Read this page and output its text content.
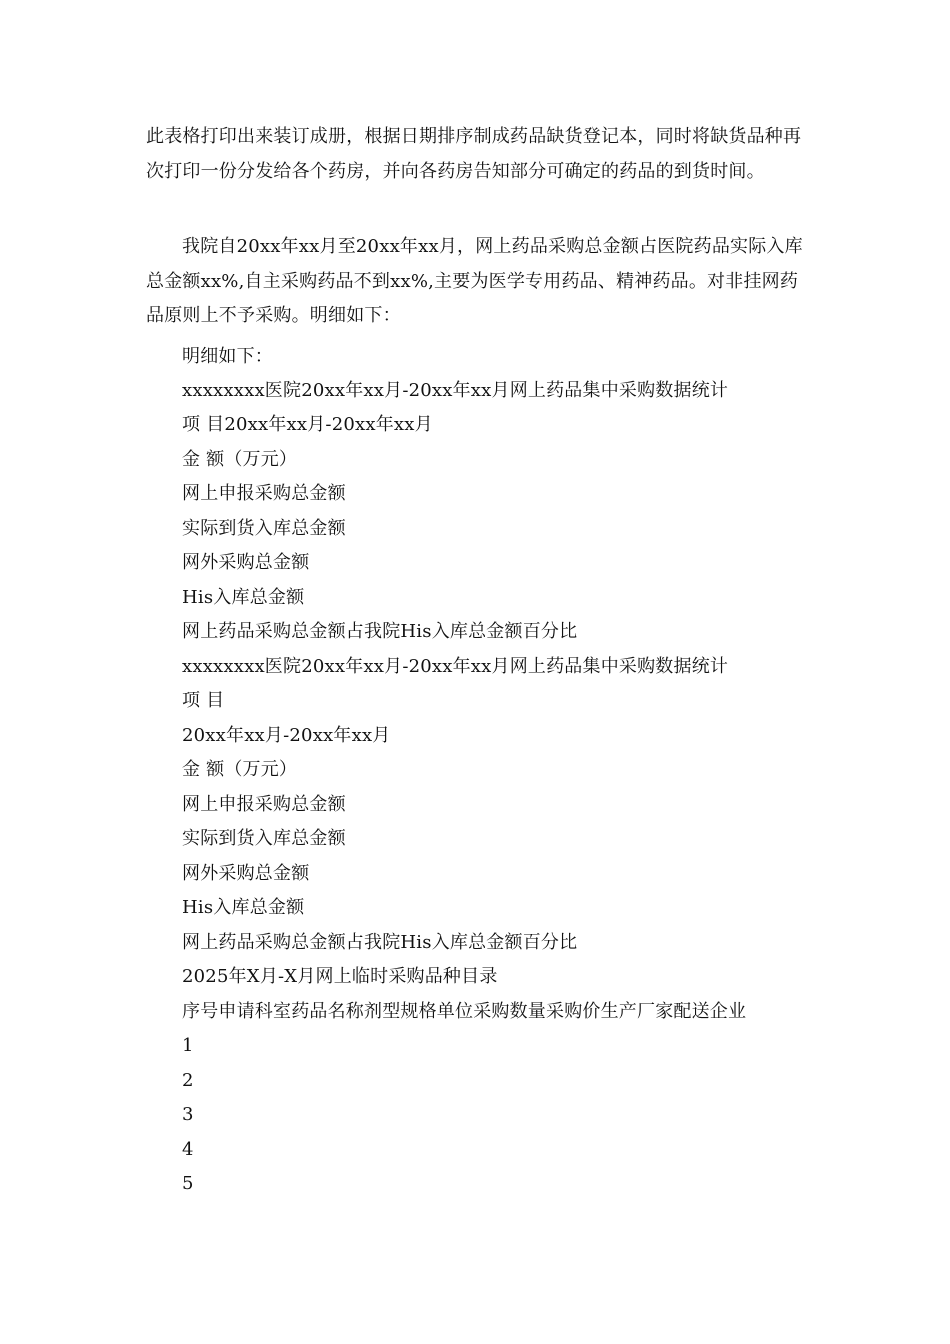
此表格打印出来装订成册，根据日期排序制成药品缺货登记本，同时将缺货品种再次打印一份分发给各个药房，并向各药房告知部分可确定的药品的到货时间。

我院自20xx年xx月至20xx年xx月，网上药品采购总金额占医院药品实际入库总金额xx%,自主采购药品不到xx%,主要为医学专用药品、精神药品。对非挂网药品原则上不予采购。明细如下：

明细如下：

xxxxxxxx医院20xx年xx月-20xx年xx月网上药品集中采购数据统计

项 目20xx年xx月-20xx年xx月

金 额（万元）

网上申报采购总金额

实际到货入库总金额

网外采购总金额

His入库总金额

网上药品采购总金额占我院His入库总金额百分比

xxxxxxxx医院20xx年xx月-20xx年xx月网上药品集中采购数据统计

项 目

20xx年xx月-20xx年xx月

金 额（万元）

网上申报采购总金额

实际到货入库总金额

网外采购总金额

His入库总金额

网上药品采购总金额占我院His入库总金额百分比

2025年X月-X月网上临时采购品种目录

序号申请科室药品名称剂型规格单位采购数量采购价生产厂家配送企业

1

2

3

4

5
